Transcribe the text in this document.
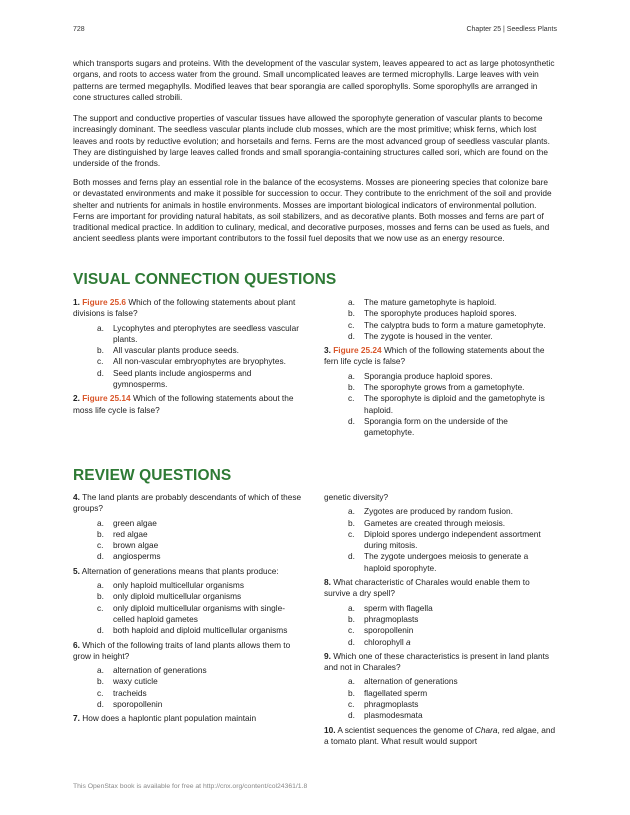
728	Chapter 25 | Seedless Plants

which transports sugars and proteins. With the development of the vascular system, leaves appeared to act as large photosynthetic organs, and roots to access water from the ground. Small uncomplicated leaves are termed microphylls. Large leaves with vein patterns are termed megaphylls. Modified leaves that bear sporangia are called sporophylls. Some sporophylls are arranged in cone structures called strobili.

The support and conductive properties of vascular tissues have allowed the sporophyte generation of vascular plants to become increasingly dominant. The seedless vascular plants include club mosses, which are the most primitive; whisk ferns, which lost leaves and roots by reductive evolution; and horsetails and ferns. Ferns are the most advanced group of seedless vascular plants. They are distinguished by large leaves called fronds and small sporangia-containing structures called sori, which are found on the underside of the fronds.

Both mosses and ferns play an essential role in the balance of the ecosystems. Mosses are pioneering species that colonize bare or devastated environments and make it possible for succession to occur. They contribute to the enrichment of the soil and provide shelter and nutrients for animals in hostile environments. Mosses are important biological indicators of environmental pollution. Ferns are important for providing natural habitats, as soil stabilizers, and as decorative plants. Both mosses and ferns are part of traditional medical practice. In addition to culinary, medical, and decorative purposes, mosses and ferns can be used as fuels, and ancient seedless plants were important contributors to the fossil fuel deposits that we now use as an energy resource.

VISUAL CONNECTION QUESTIONS

1. Figure 25.6 Which of the following statements about plant divisions is false?

a. Lycophytes and pterophytes are seedless vascular plants.
b. All vascular plants produce seeds.
c. All non-vascular embryophytes are bryophytes.
d. Seed plants include angiosperms and gymnosperms.

2. Figure 25.14 Which of the following statements about the moss life cycle is false?

a. The mature gametophyte is haploid.
b. The sporophyte produces haploid spores.
c. The calyptra buds to form a mature gametophyte.
d. The zygote is housed in the venter.

3. Figure 25.24 Which of the following statements about the fern life cycle is false?

a. Sporangia produce haploid spores.
b. The sporophyte grows from a gametophyte.
c. The sporophyte is diploid and the gametophyte is haploid.
d. Sporangia form on the underside of the gametophyte.
REVIEW QUESTIONS

4. The land plants are probably descendants of which of these groups?

a. green algae
b. red algae
c. brown algae
d. angiosperms

5. Alternation of generations means that plants produce:

a. only haploid multicellular organisms
b. only diploid multicellular organisms
c. only diploid multicellular organisms with single-celled haploid gametes
d. both haploid and diploid multicellular organisms

6. Which of the following traits of land plants allows them to grow in height?

a. alternation of generations
b. waxy cuticle
c. tracheids
d. sporopollenin

7. How does a haplontic plant population maintain

genetic diversity?

a. Zygotes are produced by random fusion.
b. Gametes are created through meiosis.
c. Diploid spores undergo independent assortment during mitosis.
d. The zygote undergoes meiosis to generate a haploid sporophyte.

8. What characteristic of Charales would enable them to survive a dry spell?

a. sperm with flagella
b. phragmoplasts
c. sporopollenin
d. chlorophyll a

9. Which one of these characteristics is present in land plants and not in Charales?

a. alternation of generations
b. flagellated sperm
c. phragmoplasts
d. plasmodesmata

10. A scientist sequences the genome of Chara, red algae, and a tomato plant. What result would support

This OpenStax book is available for free at http://cnx.org/content/col24361/1.8
